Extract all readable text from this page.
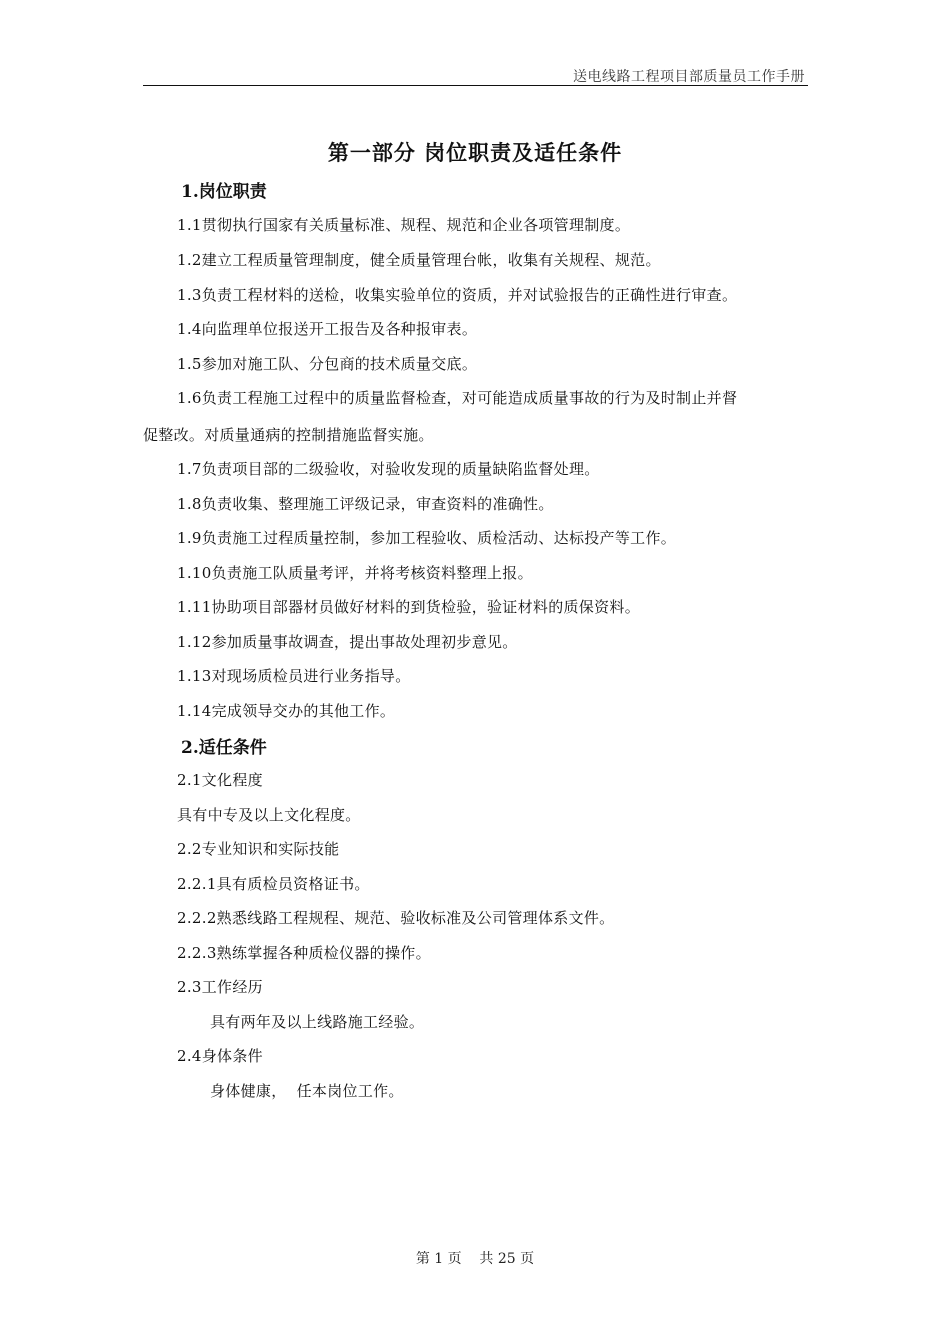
送电线路工程项目部质量员工作手册
第一部分 岗位职责及适任条件
1.岗位职责
1.1贯彻执行国家有关质量标准、规程、规范和企业各项管理制度。
1.2建立工程质量管理制度，健全质量管理台帐，收集有关规程、规范。
1.3负责工程材料的送检，收集实验单位的资质，并对试验报告的正确性进行审查。
1.4向监理单位报送开工报告及各种报审表。
1.5参加对施工队、分包商的技术质量交底。
1.6负责工程施工过程中的质量监督检查，对可能造成质量事故的行为及时制止并督
促整改。对质量通病的控制措施监督实施。
1.7负责项目部的二级验收，对验收发现的质量缺陷监督处理。
1.8负责收集、整理施工评级记录，审查资料的准确性。
1.9负责施工过程质量控制，参加工程验收、质检活动、达标投产等工作。
1.10负责施工队质量考评，并将考核资料整理上报。
1.11协助项目部器材员做好材料的到货检验，验证材料的质保资料。
1.12参加质量事故调查，提出事故处理初步意见。
1.13对现场质检员进行业务指导。
1.14完成领导交办的其他工作。
2.适任条件
2.1文化程度
具有中专及以上文化程度。
2.2专业知识和实际技能
2.2.1具有质检员资格证书。
2.2.2熟悉线路工程规程、规范、验收标准及公司管理体系文件。
2.2.3熟练掌握各种质检仪器的操作。
2.3工作经历
具有两年及以上线路施工经验。
2.4身体条件
身体健康，  任本岗位工作。
第 1 页    共 25 页
